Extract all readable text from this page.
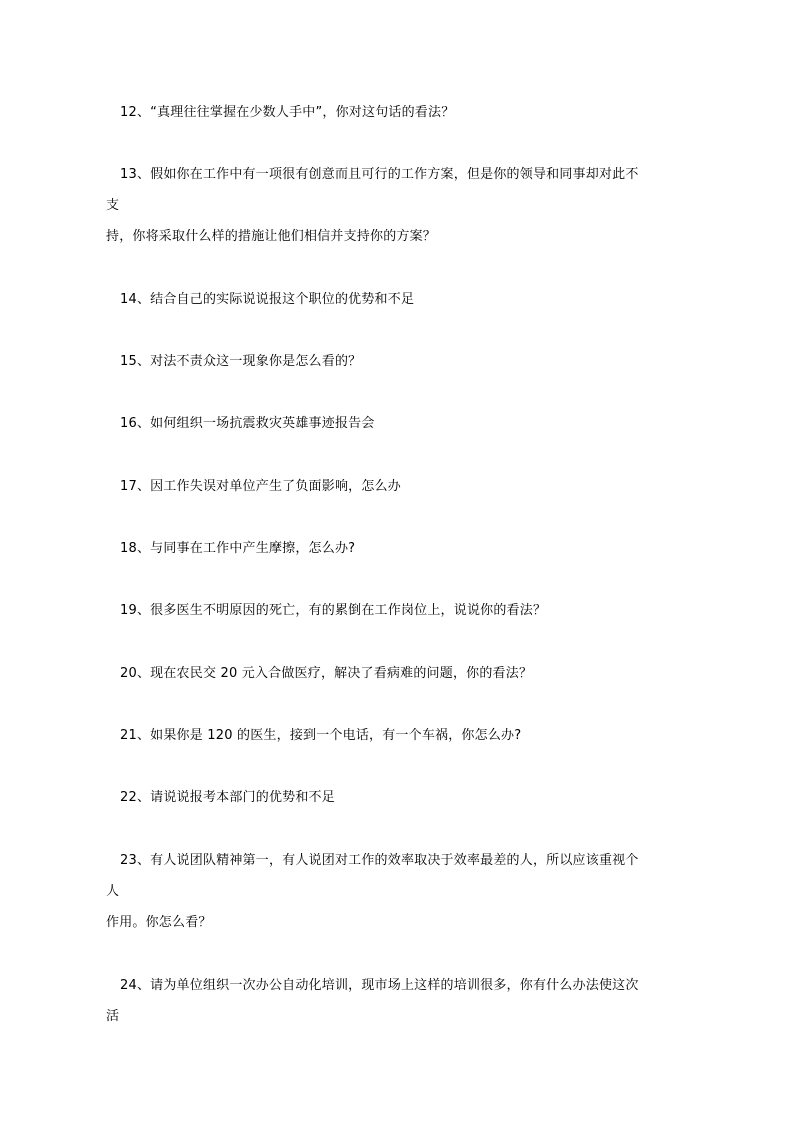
12、“真理往往掌握在少数人手中”，你对这句话的看法？
13、假如你在工作中有一项很有创意而且可行的工作方案，但是你的领导和同事却对此不
支
持，你将采取什么样的措施让他们相信并支持你的方案？
14、结合自己的实际说说报这个职位的优势和不足
15、对法不责众这一现象你是怎么看的？
16、如何组织一场抗震救灾英雄事迹报告会
17、因工作失误对单位产生了负面影响，怎么办
18、与同事在工作中产生摩擦，怎么办?
19、很多医生不明原因的死亡，有的累倒在工作岗位上，说说你的看法？
20、现在农民交 20 元入合做医疗，解决了看病难的问题，你的看法？
21、如果你是 120 的医生，接到一个电话，有一个车祸，你怎么办?
22、请说说报考本部门的优势和不足
23、有人说团队精神第一，有人说团对工作的效率取决于效率最差的人，所以应该重视个
人
作用。你怎么看？
24、请为单位组织一次办公自动化培训，现市场上这样的培训很多，你有什么办法使这次
活
